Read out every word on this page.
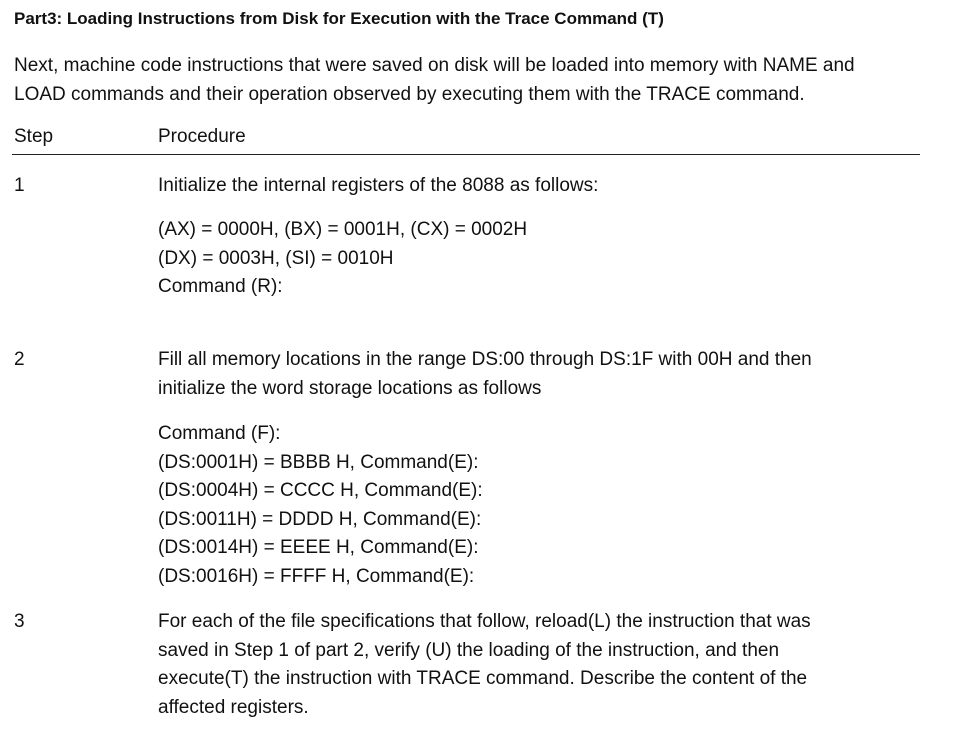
Part3: Loading Instructions from Disk for Execution with the Trace Command (T)
Next, machine code instructions that were saved on disk will be loaded into memory with NAME and
LOAD commands and their operation observed by executing them with the TRACE command.
Step	Procedure
1	Initialize the internal registers of the 8088 as follows:
(AX) = 0000H, (BX) = 0001H, (CX) = 0002H
(DX) = 0003H, (SI) = 0010H
Command (R):
2	Fill all memory locations in the range DS:00 through DS:1F with 00H and then
initialize the word storage locations as follows
Command (F):
(DS:0001H) = BBBB H, Command(E):
(DS:0004H) = CCCC H, Command(E):
(DS:0011H) = DDDD H, Command(E):
(DS:0014H) = EEEE H, Command(E):
(DS:0016H) = FFFF H, Command(E):
3	For each of the file specifications that follow, reload(L) the instruction that was
saved in Step 1 of part 2, verify (U) the loading of the instruction, and then
execute(T) the instruction with TRACE command. Describe the content of the
affected registers.
